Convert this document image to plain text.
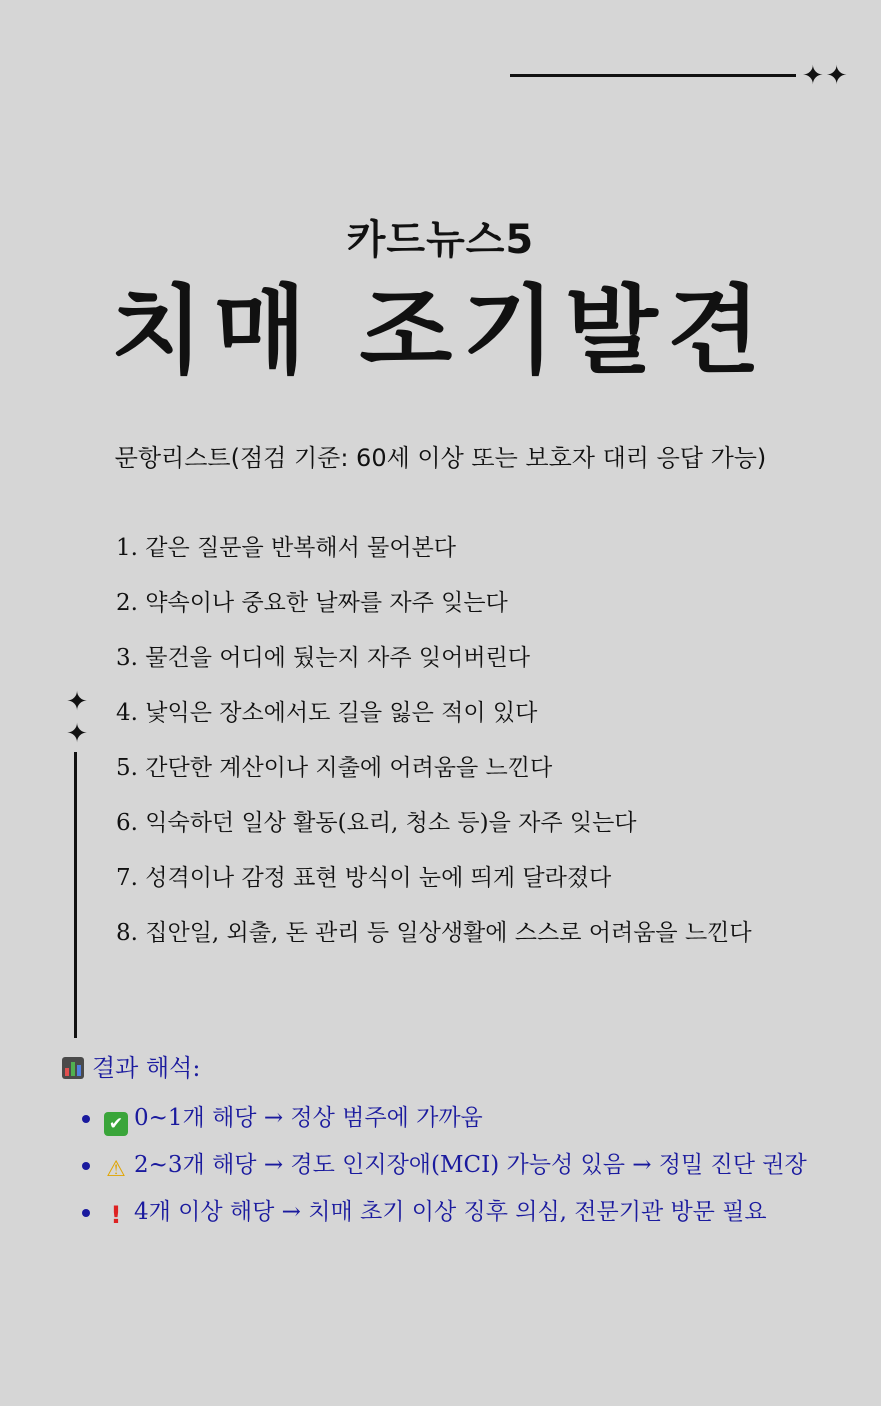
✦✦
카드뉴스5
치매 조기발견
문항리스트(점검 기준: 60세 이상 또는 보호자 대리 응답 가능)
✦
✦
1. 같은 질문을 반복해서 물어본다
2. 약속이나 중요한 날짜를 자주 잊는다
3. 물건을 어디에 뒀는지 자주 잊어버린다
4. 낯익은 장소에서도 길을 잃은 적이 있다
5. 간단한 계산이나 지출에 어려움을 느낀다
6. 익숙하던 일상 활동(요리, 청소 등)을 자주 잊는다
7. 성격이나 감정 표현 방식이 눈에 띄게 달라졌다
8. 집안일, 외출, 돈 관리 등 일상생활에 스스로 어려움을 느낀다
결과 해석:
✔ 0~1개 해당 → 정상 범주에 가까움
⚠ 2~3개 해당 → 경도 인지장애(MCI) 가능성 있음 → 정밀 진단 권장
! 4개 이상 해당 → 치매 초기 이상 징후 의심, 전문기관 방문 필요
